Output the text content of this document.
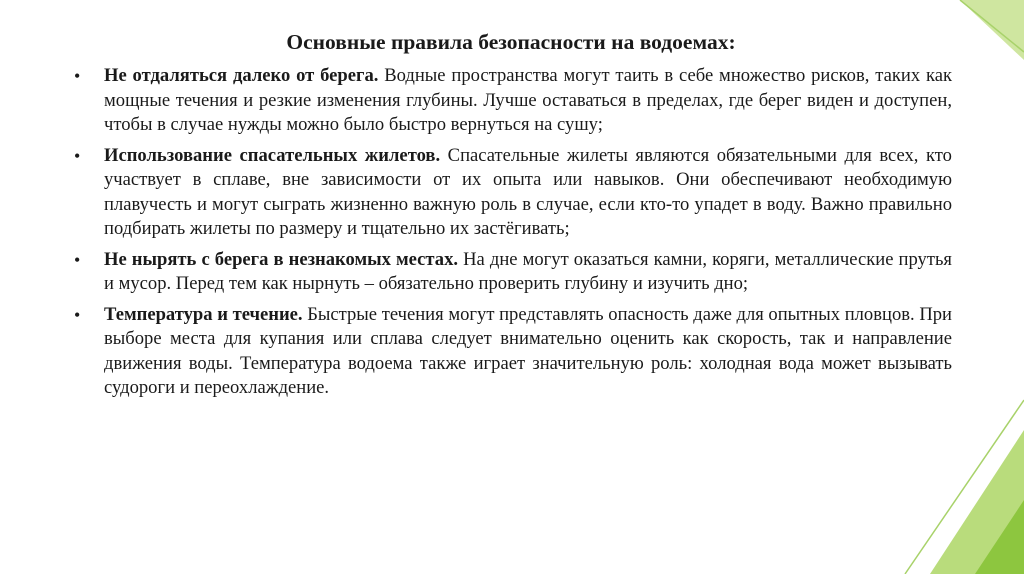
Основные правила безопасности на водоемах:
• Не отдаляться далеко от берега. Водные пространства могут таить в себе множество рисков, таких как мощные течения и резкие изменения глубины. Лучше оставаться в пределах, где берег виден и доступен, чтобы в случае нужды можно было быстро вернуться на сушу;
• Использование спасательных жилетов. Спасательные жилеты являются обязательными для всех, кто участвует в сплаве, вне зависимости от их опыта или навыков. Они обеспечивают необходимую плавучесть и могут сыграть жизненно важную роль в случае, если кто-то упадет в воду. Важно правильно подбирать жилеты по размеру и тщательно их застёгивать;
• Не нырять с берега в незнакомых местах. На дне могут оказаться камни, коряги, металлические прутья и мусор. Перед тем как нырнуть – обязательно проверить глубину и изучить дно;
• Температура и течение. Быстрые течения могут представлять опасность даже для опытных пловцов. При выборе места для купания или сплава следует внимательно оценить как скорость, так и направление движения воды. Температура водоема также играет значительную роль: холодная вода может вызывать судороги и переохлаждение.
